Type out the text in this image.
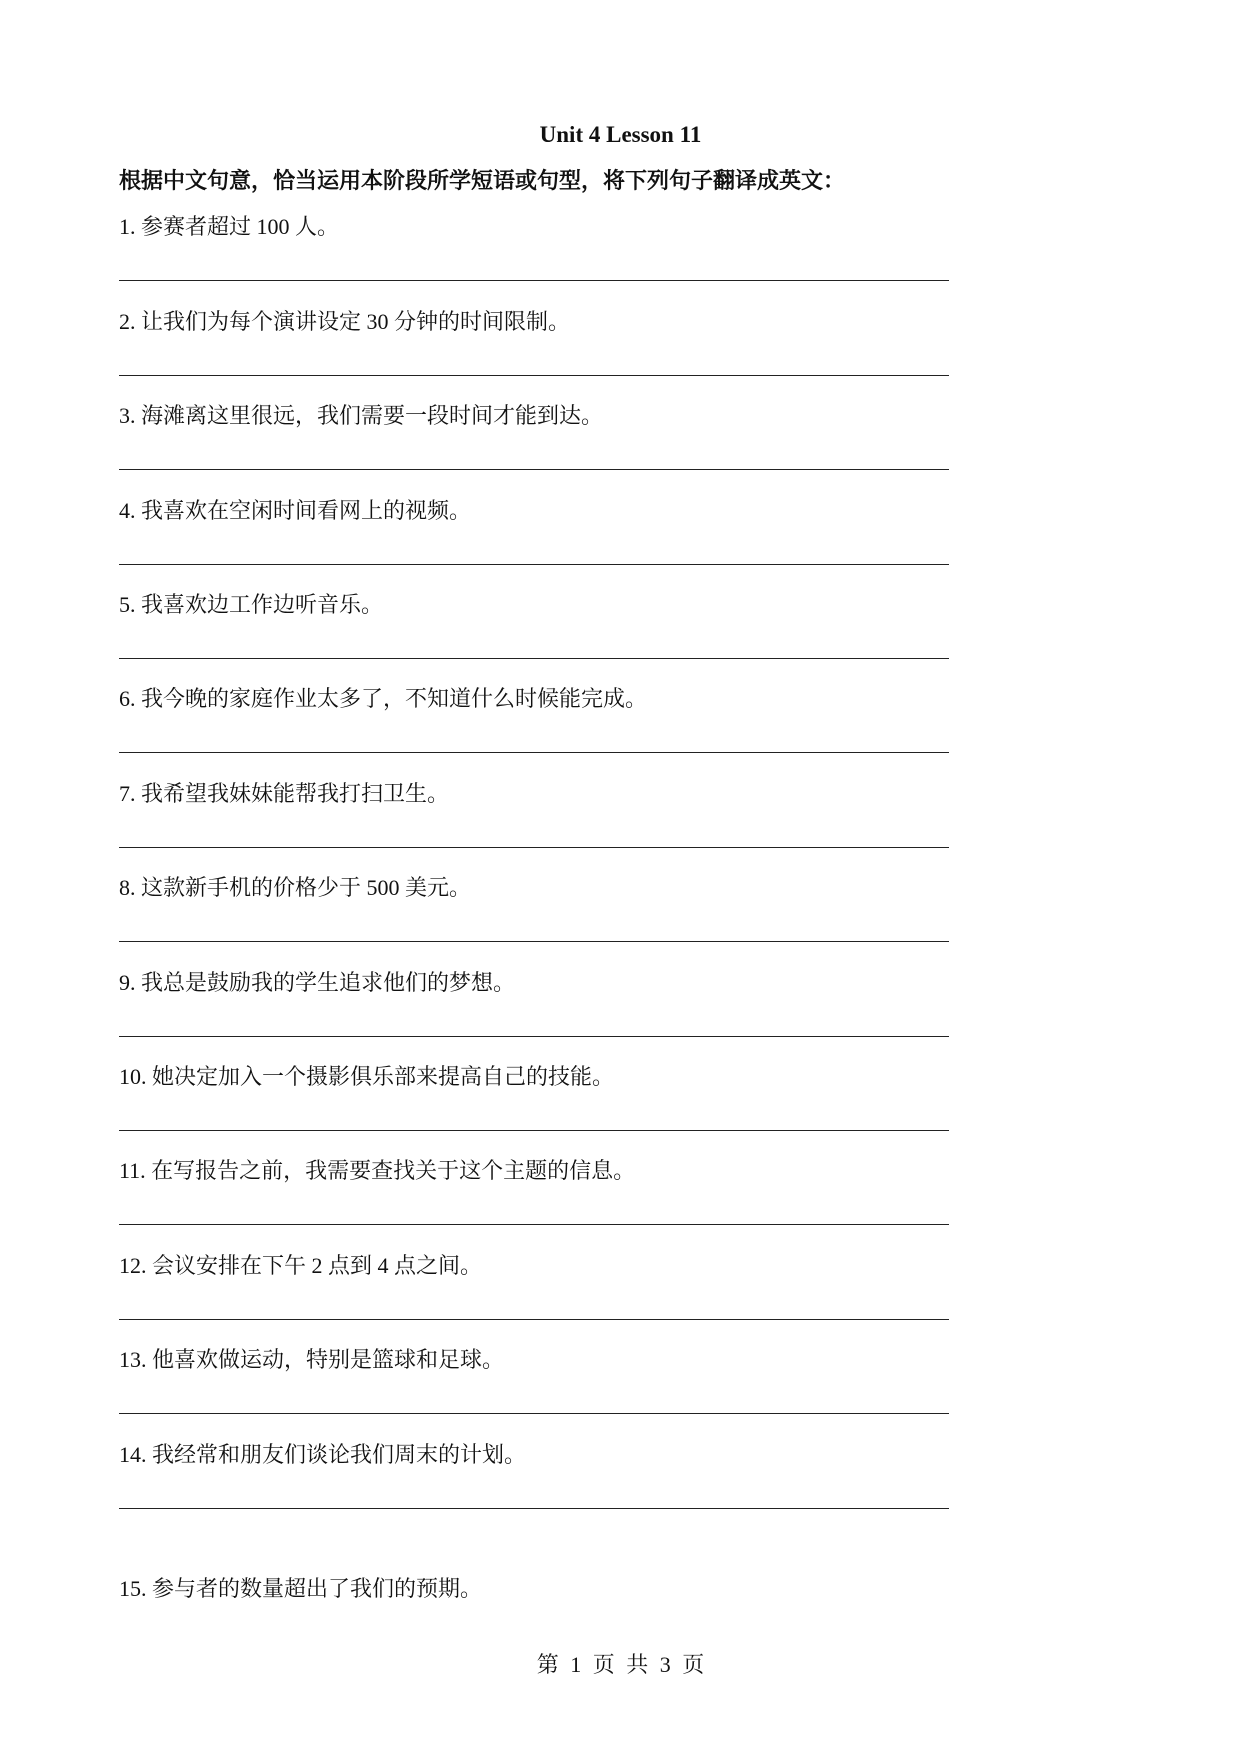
Unit 4 Lesson 11
根据中文句意，恰当运用本阶段所学短语或句型，将下列句子翻译成英文：
1. 参赛者超过 100 人。
2. 让我们为每个演讲设定 30 分钟的时间限制。
3. 海滩离这里很远，我们需要一段时间才能到达。
4. 我喜欢在空闲时间看网上的视频。
5. 我喜欢边工作边听音乐。
6. 我今晚的家庭作业太多了，不知道什么时候能完成。
7. 我希望我妹妹能帮我打扫卫生。
8. 这款新手机的价格少于 500 美元。
9. 我总是鼓励我的学生追求他们的梦想。
10. 她决定加入一个摄影俱乐部来提高自己的技能。
11. 在写报告之前，我需要查找关于这个主题的信息。
12. 会议安排在下午 2 点到 4 点之间。
13. 他喜欢做运动，特别是篮球和足球。
14. 我经常和朋友们谈论我们周末的计划。
15. 参与者的数量超出了我们的预期。
第 1 页 共 3 页
